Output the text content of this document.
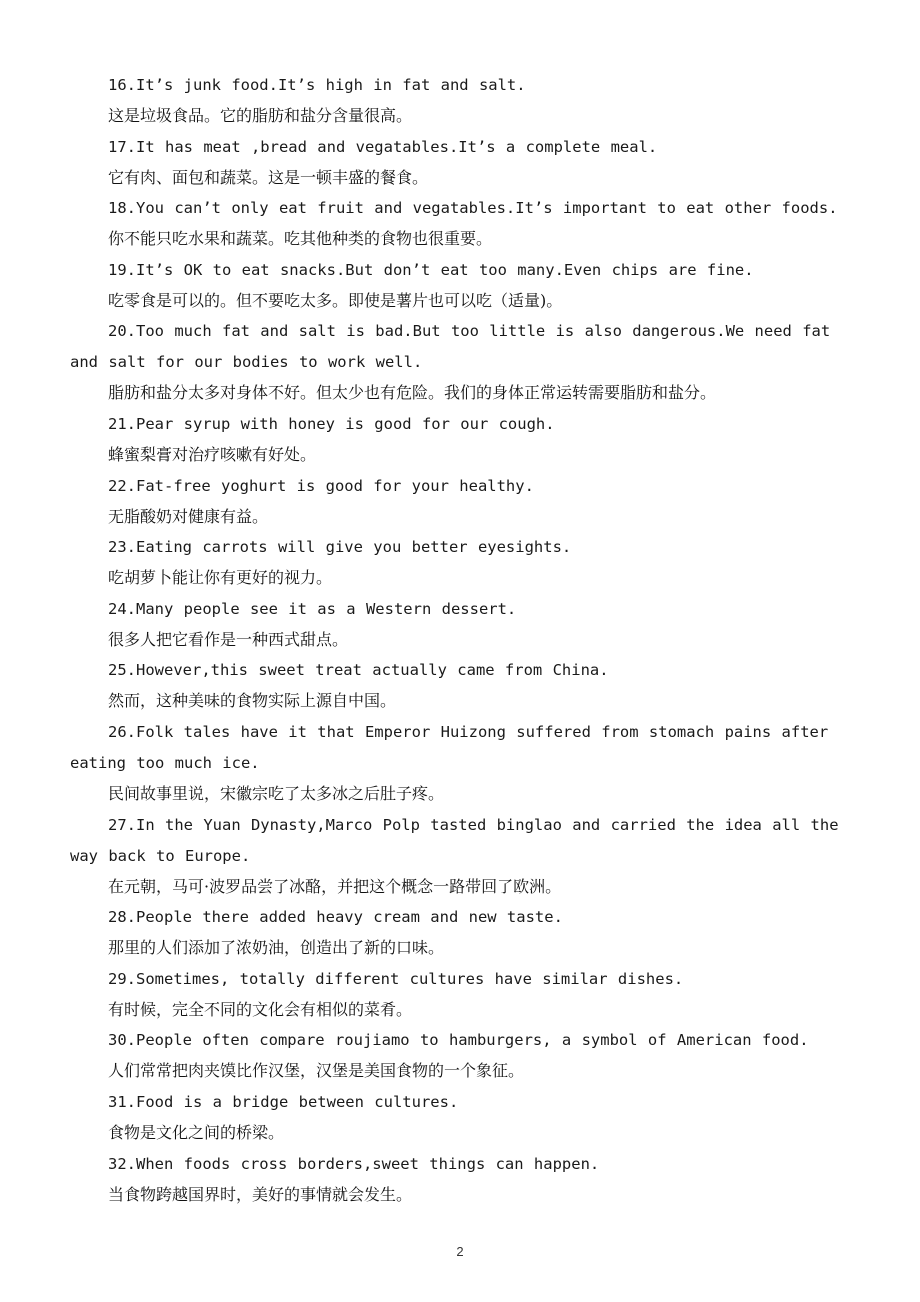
16.It’s junk food.It’s high in fat and salt.

这是垃圾食品。它的脂肪和盐分含量很高。

17.It has meat ,bread and vegatables.It’s a complete meal.

它有肉、面包和蔬菜。这是一顿丰盛的餐食。

18.You can’t only eat fruit and vegatables.It’s important to eat other foods.

你不能只吃水果和蔬菜。吃其他种类的食物也很重要。

19.It’s OK to eat snacks.But don’t eat too many.Even chips are fine.

吃零食是可以的。但不要吃太多。即使是薯片也可以吃（适量)。

20.Too much fat and salt is bad.But too little is also dangerous.We need fat and salt for our bodies to work well.

脂肪和盐分太多对身体不好。但太少也有危险。我们的身体正常运转需要脂肪和盐分。

21.Pear syrup with honey is good for our cough.

蜂蜜梨膏对治疗咳嗽有好处。

22.Fat-free yoghurt is good for your healthy.

无脂酸奶对健康有益。

23.Eating carrots will give you better eyesights.

吃胡萝卜能让你有更好的视力。

24.Many people see it as a Western dessert.

很多人把它看作是一种西式甜点。

25.However,this sweet treat actually came from China.

然而，这种美味的食物实际上源自中国。

26.Folk tales have it that Emperor Huizong suffered from stomach pains after eating too much ice.

民间故事里说，宋徽宗吃了太多冰之后肚子疼。

27.In the Yuan Dynasty,Marco Polp tasted binglao and carried the idea all the way back to Europe.

在元朝，马可·波罗品尝了冰酪，并把这个概念一路带回了欧洲。

28.People there added heavy cream and new taste.

那里的人们添加了浓奶油，创造出了新的口味。

29.Sometimes, totally different cultures have similar dishes.

有时候，完全不同的文化会有相似的菜肴。

30.People often compare roujiamo to hamburgers, a symbol of American food.

人们常常把肉夹馍比作汉堡，汉堡是美国食物的一个象征。

31.Food is a bridge between cultures.

食物是文化之间的桥梁。

32.When foods cross borders,sweet things can happen.

当食物跨越国界时，美好的事情就会发生。

2
